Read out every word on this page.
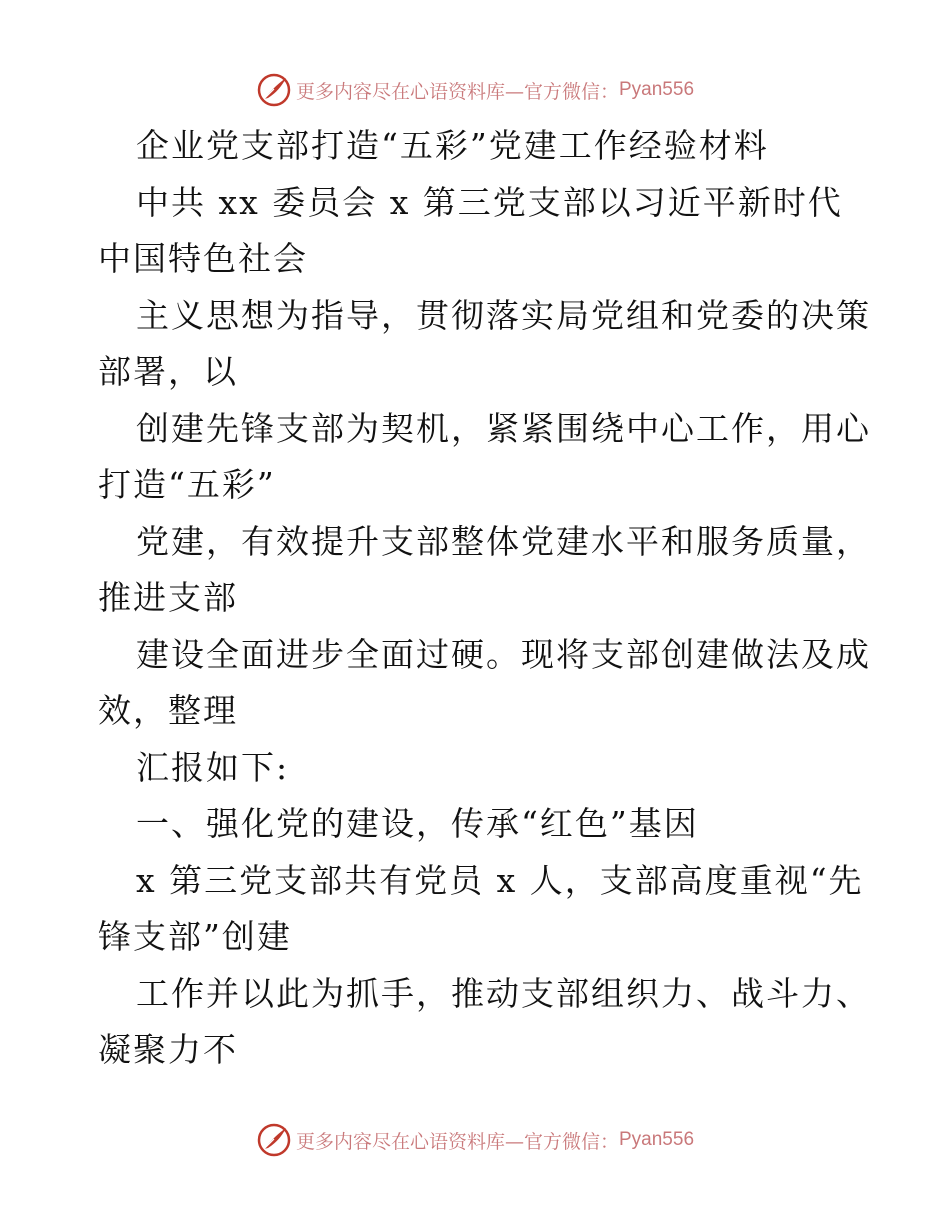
更多内容尽在心语资料库—官方微信： Pyan556

企业党支部打造“五彩”党建工作经验材料

中共 xx 委员会 x 第三党支部以习近平新时代

中国特色社会

主义思想为指导，贯彻落实局党组和党委的决策

部署，以

创建先锋支部为契机，紧紧围绕中心工作，用心

打造“五彩”

党建，有效提升支部整体党建水平和服务质量，

推进支部

建设全面进步全面过硬。现将支部创建做法及成

效，整理

汇报如下:

一、强化党的建设，传承“红色”基因

x 第三党支部共有党员 x 人，支部高度重视“先

锋支部”创建

工作并以此为抓手，推动支部组织力、战斗力、

凝聚力不

更多内容尽在心语资料库—官方微信： Pyan556
